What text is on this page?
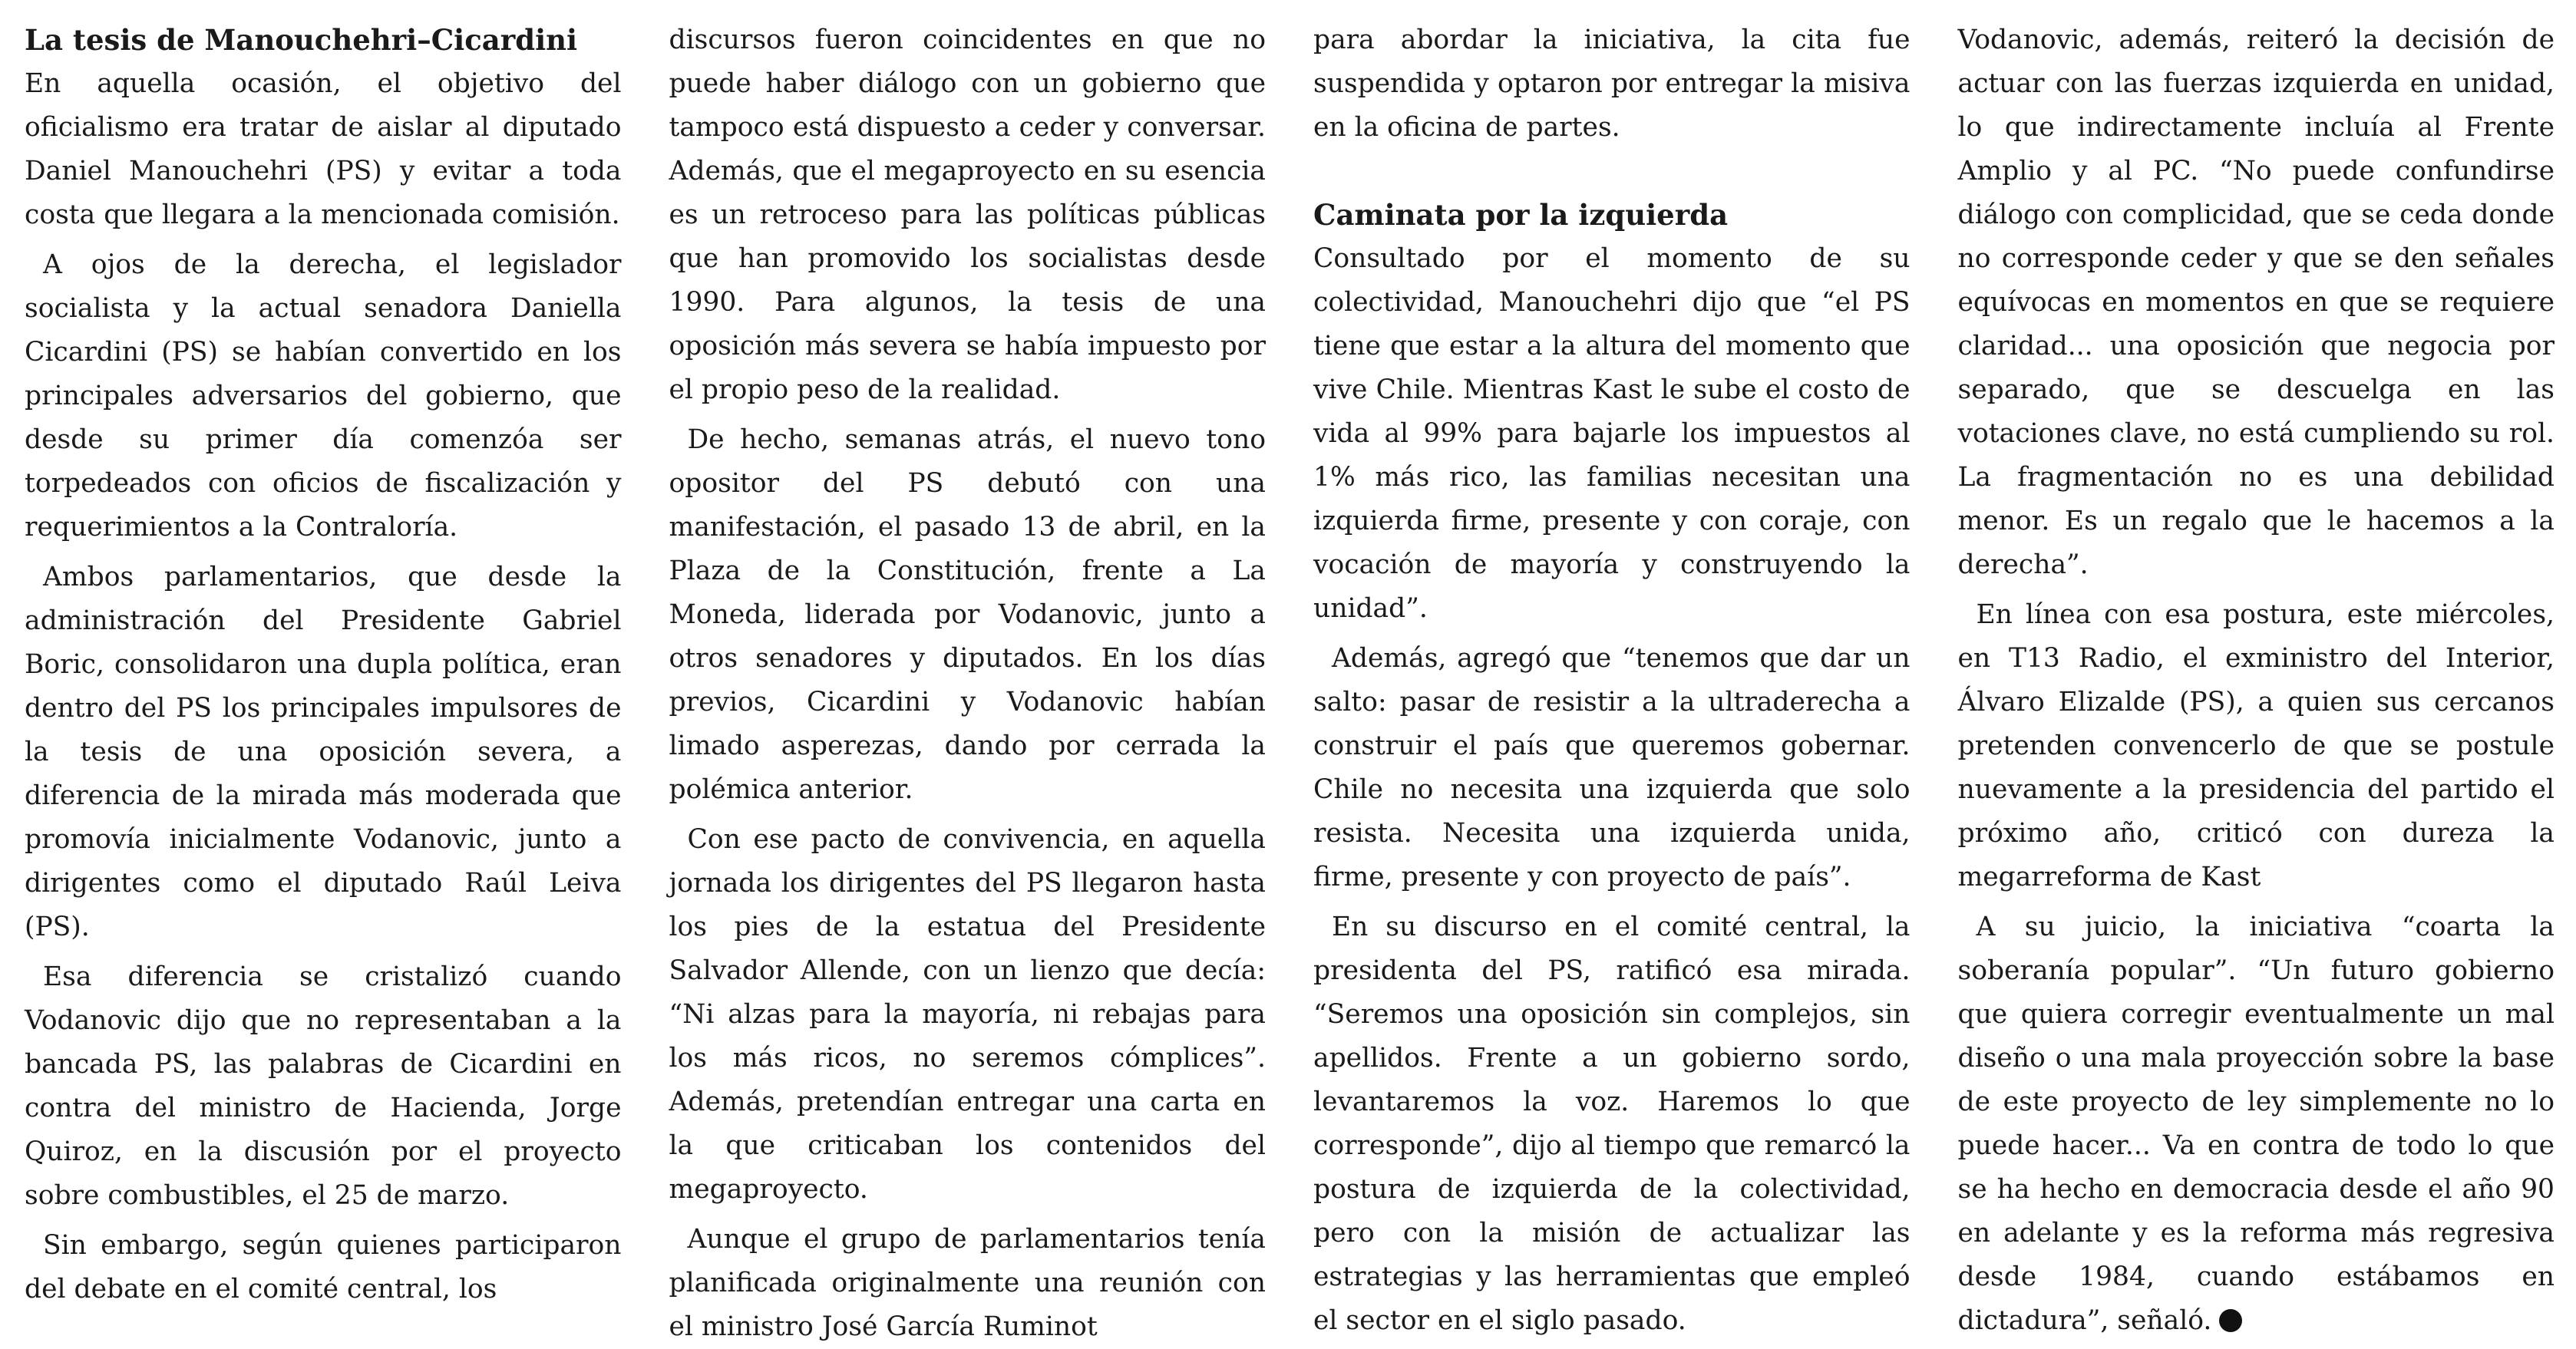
La tesis de Manouchehri–Cicardini

En aquella ocasión, el objetivo del oficialismo era tratar de aislar al diputado Daniel Manouchehri (PS) y evitar a toda costa que llegara a la mencionada comisión.

A ojos de la derecha, el legislador socialista y la actual senadora Daniella Cicardini (PS) se habían convertido en los principales adversarios del gobierno, que desde su primer día comenzóa ser torpedeados con oficios de fiscalización y requerimientos a la Contraloría.

Ambos parlamentarios, que desde la administración del Presidente Gabriel Boric, consolidaron una dupla política, eran dentro del PS los principales impulsores de la tesis de una oposición severa, a diferencia de la mirada más moderada que promovía inicialmente Vodanovic, junto a dirigentes como el diputado Raúl Leiva (PS).

Esa diferencia se cristalizó cuando Vodanovic dijo que no representaban a la bancada PS, las palabras de Cicardini en contra del ministro de Hacienda, Jorge Quiroz, en la discusión por el proyecto sobre combustibles, el 25 de marzo.

Sin embargo, según quienes participaron del debate en el comité central, los

discursos fueron coincidentes en que no puede haber diálogo con un gobierno que tampoco está dispuesto a ceder y conversar. Además, que el megaproyecto en su esencia es un retroceso para las políticas públicas que han promovido los socialistas desde 1990. Para algunos, la tesis de una oposición más severa se había impuesto por el propio peso de la realidad.

De hecho, semanas atrás, el nuevo tono opositor del PS debutó con una manifestación, el pasado 13 de abril, en la Plaza de la Constitución, frente a La Moneda, liderada por Vodanovic, junto a otros senadores y diputados. En los días previos, Cicardini y Vodanovic habían limado asperezas, dando por cerrada la polémica anterior.

Con ese pacto de convivencia, en aquella jornada los dirigentes del PS llegaron hasta los pies de la estatua del Presidente Salvador Allende, con un lienzo que decía: “Ni alzas para la mayoría, ni rebajas para los más ricos, no seremos cómplices”. Además, pretendían entregar una carta en la que criticaban los contenidos del megaproyecto.

Aunque el grupo de parlamentarios tenía planificada originalmente una reunión con el ministro José García Ruminot

para abordar la iniciativa, la cita fue suspendida y optaron por entregar la misiva en la oficina de partes.

Caminata por la izquierda

Consultado por el momento de su colectividad, Manouchehri dijo que “el PS tiene que estar a la altura del momento que vive Chile. Mientras Kast le sube el costo de vida al 99% para bajarle los impuestos al 1% más rico, las familias necesitan una izquierda firme, presente y con coraje, con vocación de mayoría y construyendo la unidad”.

Además, agregó que “tenemos que dar un salto: pasar de resistir a la ultraderecha a construir el país que queremos gobernar. Chile no necesita una izquierda que solo resista. Necesita una izquierda unida, firme, presente y con proyecto de país”.

En su discurso en el comité central, la presidenta del PS, ratificó esa mirada. “Seremos una oposición sin complejos, sin apellidos. Frente a un gobierno sordo, levantaremos la voz. Haremos lo que corresponde”, dijo al tiempo que remarcó la postura de izquierda de la colectividad, pero con la misión de actualizar las estrategias y las herramientas que empleó el sector en el siglo pasado.

Vodanovic, además, reiteró la decisión de actuar con las fuerzas izquierda en unidad, lo que indirectamente incluía al Frente Amplio y al PC. “No puede confundirse diálogo con complicidad, que se ceda donde no corresponde ceder y que se den señales equívocas en momentos en que se requiere claridad... una oposición que negocia por separado, que se descuelga en las votaciones clave, no está cumpliendo su rol. La fragmentación no es una debilidad menor. Es un regalo que le hacemos a la derecha”.

En línea con esa postura, este miércoles, en T13 Radio, el exministro del Interior, Álvaro Elizalde (PS), a quien sus cercanos pretenden convencerlo de que se postule nuevamente a la presidencia del partido el próximo año, criticó con dureza la megarreforma de Kast

A su juicio, la iniciativa “coarta la soberanía popular”. “Un futuro gobierno que quiera corregir eventualmente un mal diseño o una mala proyección sobre la base de este proyecto de ley simplemente no lo puede hacer... Va en contra de todo lo que se ha hecho en democracia desde el año 90 en adelante y es la reforma más regresiva desde 1984, cuando estábamos en dictadura”, señaló.
